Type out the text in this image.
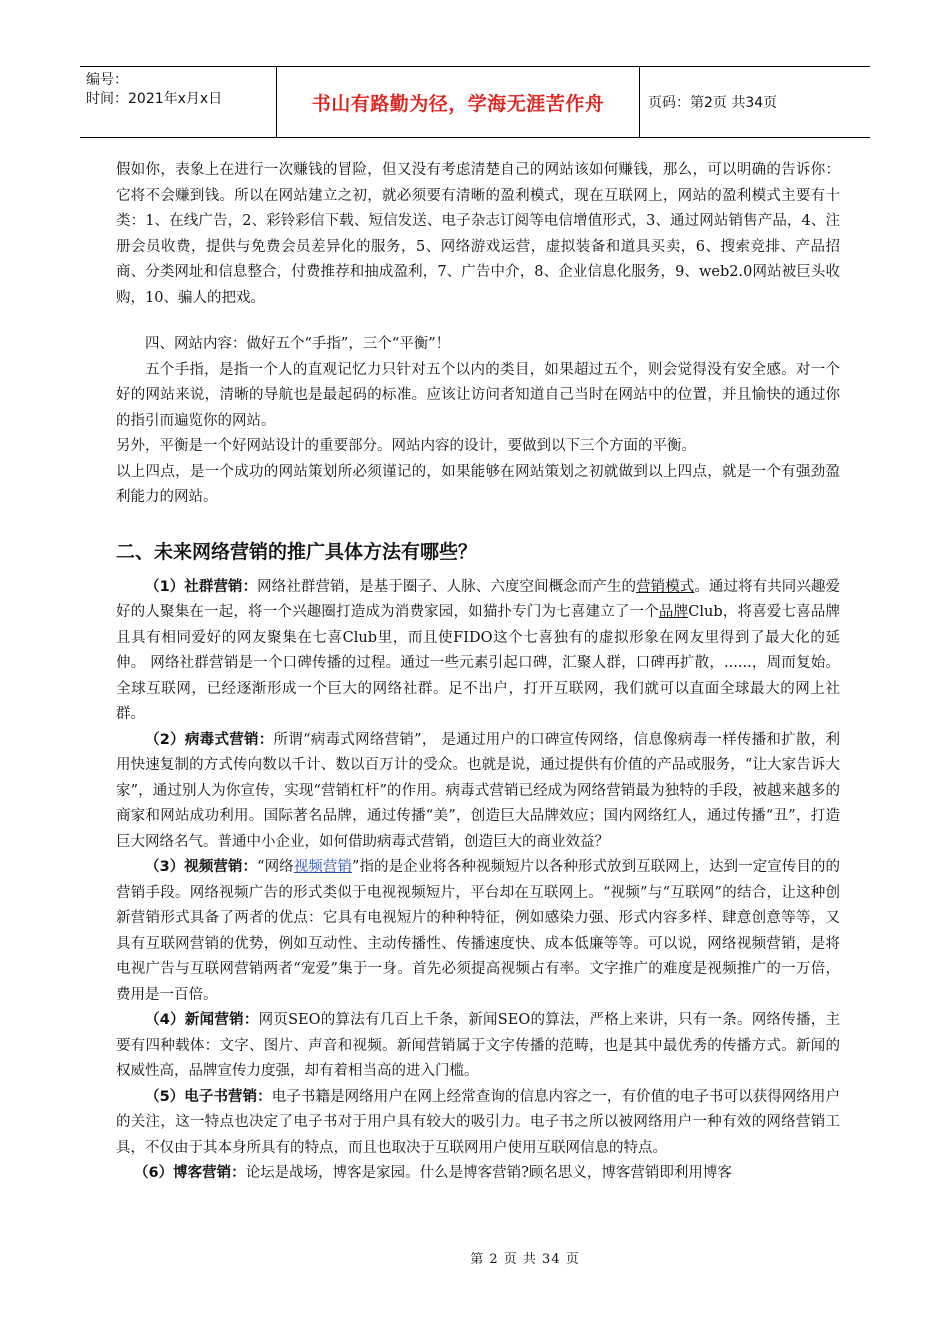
编号：
时间：2021年x月x日	书山有路勤为径，学海无涯苦作舟	页码：第2页 共34页

假如你，表象上在进行一次赚钱的冒险，但又没有考虑清楚自己的网站该如何赚钱，那么，可以明确的告诉你：它将不会赚到钱。所以在网站建立之初，就必须要有清晰的盈利模式，现在互联网上，网站的盈利模式主要有十类：1、在线广告，2、彩铃彩信下载、短信发送、电子杂志订阅等电信增值形式，3、通过网站销售产品，4、注册会员收费，提供与免费会员差异化的服务，5、网络游戏运营，虚拟装备和道具买卖，6、搜索竞排、产品招商、分类网址和信息整合，付费推荐和抽成盈利，7、广告中介，8、企业信息化服务，9、web2.0网站被巨头收购，10、骗人的把戏。

四、网站内容：做好五个“手指”，三个“平衡”！

五个手指，是指一个人的直观记忆力只针对五个以内的类目，如果超过五个，则会觉得没有安全感。对一个好的网站来说，清晰的导航也是最起码的标准。应该让访问者知道自己当时在网站中的位置，并且愉快的通过你的指引而遍览你的网站。

另外，平衡是一个好网站设计的重要部分。网站内容的设计，要做到以下三个方面的平衡。

以上四点，是一个成功的网站策划所必须谨记的，如果能够在网站策划之初就做到以上四点，就是一个有强劲盈利能力的网站。

二、未来网络营销的推广具体方法有哪些？

（1）社群营销：网络社群营销，是基于圈子、人脉、六度空间概念而产生的营销模式。通过将有共同兴趣爱好的人聚集在一起，将一个兴趣圈打造成为消费家园，如猫扑专门为七喜建立了一个品牌Club，将喜爱七喜品牌且具有相同爱好的网友聚集在七喜Club里，而且使FIDO这个七喜独有的虚拟形象在网友里得到了最大化的延伸。 网络社群营销是一个口碑传播的过程。通过一些元素引起口碑，汇聚人群，口碑再扩散，......，周而复始。全球互联网，已经逐渐形成一个巨大的网络社群。足不出户，打开互联网，我们就可以直面全球最大的网上社群。

（2）病毒式营销：所谓“病毒式网络营销”， 是通过用户的口碑宣传网络，信息像病毒一样传播和扩散，利用快速复制的方式传向数以千计、数以百万计的受众。也就是说，通过提供有价值的产品或服务，“让大家告诉大家”，通过别人为你宣传，实现“营销杠杆”的作用。病毒式营销已经成为网络营销最为独特的手段，被越来越多的商家和网站成功利用。国际著名品牌，通过传播“美”，创造巨大品牌效应；国内网络红人，通过传播“丑”，打造巨大网络名气。普通中小企业，如何借助病毒式营销，创造巨大的商业效益？

（3）视频营销：“网络视频营销”指的是企业将各种视频短片以各种形式放到互联网上，达到一定宣传目的的营销手段。网络视频广告的形式类似于电视视频短片，平台却在互联网上。“视频”与“互联网”的结合，让这种创新营销形式具备了两者的优点：它具有电视短片的种种特征，例如感染力强、形式内容多样、肆意创意等等，又具有互联网营销的优势，例如互动性、主动传播性、传播速度快、成本低廉等等。可以说，网络视频营销，是将电视广告与互联网营销两者“宠爱”集于一身。首先必须提高视频占有率。文字推广的难度是视频推广的一万倍，费用是一百倍。

（4）新闻营销：网页SEO的算法有几百上千条，新闻SEO的算法，严格上来讲，只有一条。网络传播，主要有四种载体：文字、图片、声音和视频。新闻营销属于文字传播的范畴，也是其中最优秀的传播方式。新闻的权威性高，品牌宣传力度强，却有着相当高的进入门槛。

（5）电子书营销：电子书籍是网络用户在网上经常查询的信息内容之一，有价值的电子书可以获得网络用户的关注，这一特点也决定了电子书对于用户具有较大的吸引力。电子书之所以被网络用户一种有效的网络营销工具，不仅由于其本身所具有的特点，而且也取决于互联网用户使用互联网信息的特点。

（6）博客营销：论坛是战场，博客是家园。什么是博客营销?顾名思义，博客营销即利用博客

第 2 页 共 34 页
